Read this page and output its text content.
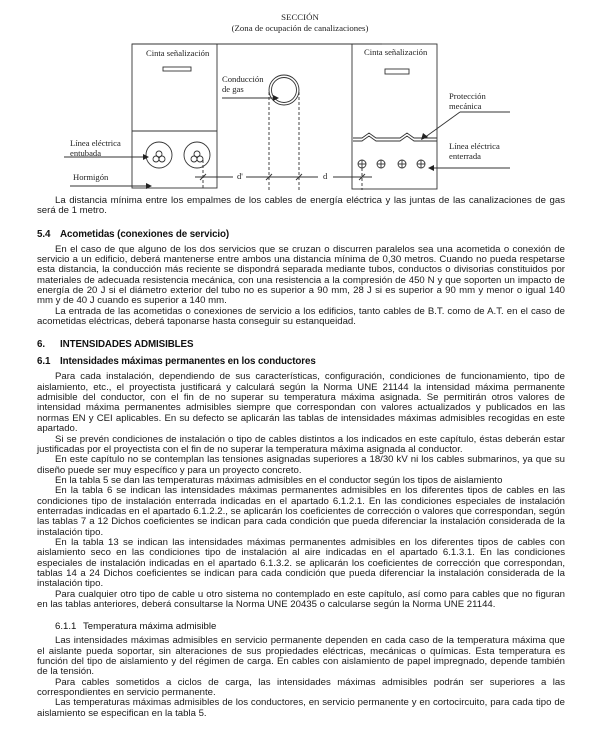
SECCIÓN
(Zona de ocupación de canalizaciones)
Cinta señalización	Cinta señalización
Conducción
de gas
Línea eléctrica
entubada
Hormigón
Protección
mecánica
Línea eléctrica
enterrada
d'	d

La distancia mínima entre los empalmes de los cables de energía eléctrica y las juntas de las canalizaciones de gas será de 1 metro.

5.4 Acometidas (conexiones de servicio)

En el caso de que alguno de los dos servicios que se cruzan o discurren paralelos sea una acometida o conexión de servicio a un edificio, deberá mantenerse entre ambos una distancia mínima de 0,30 metros. Cuando no pueda respetarse esta distancia, la conducción más reciente se dispondrá separada mediante tubos, conductos o divisorias constituidos por materiales de adecuada resistencia mecánica, con una resistencia a la compresión de 450 N y que soporten un impacto de energía de 20 J si el diámetro exterior del tubo no es superior a 90 mm, 28 J si es superior a 90 mm y menor o igual 140 mm y de 40 J cuando es superior a 140 mm.

La entrada de las acometidas o conexiones de servicio a los edificios, tanto cables de B.T. como de A.T. en el caso de acometidas eléctricas, deberá taponarse hasta conseguir su estanqueidad.

6. INTENSIDADES ADMISIBLES
6.1 Intensidades máximas permanentes en los conductores

Para cada instalación, dependiendo de sus características, configuración, condiciones de funcionamiento, tipo de aislamiento, etc., el proyectista justificará y calculará según la Norma UNE 21144 la intensidad máxima permanente admisible del conductor, con el fin de no superar su temperatura máxima asignada. Se permitirán otros valores de intensidad máxima permanentes admisibles siempre que correspondan con valores actualizados y publicados en las normas EN y CEI aplicables. En su defecto se aplicarán las tablas de intensidades máximas admisibles recogidas en este apartado.

Si se prevén condiciones de instalación o tipo de cables distintos a los indicados en este capítulo, éstas deberán estar justificadas por el proyectista con el fin de no superar la temperatura máxima asignada al conductor.

En este capítulo no se contemplan las tensiones asignadas superiores a 18/30 kV ni los cables submarinos, ya que su diseño puede ser muy específico y para un proyecto concreto.

En la tabla 5 se dan las temperaturas máximas admisibles en el conductor según los tipos de aislamiento

En la tabla 6 se indican las intensidades máximas permanentes admisibles en los diferentes tipos de cables en las condiciones tipo de instalación enterrada indicadas en el apartado 6.1.2.1. En las condiciones especiales de instalación enterradas indicadas en el apartado 6.1.2.2., se aplicarán los coeficientes de corrección o valores que correspondan, según las tablas 7 a 12 Dichos coeficientes se indican para cada condición que pueda diferenciar la instalación considerada de la instalación tipo.

En la tabla 13 se indican las intensidades máximas permanentes admisibles en los diferentes tipos de cables con aislamiento seco en las condiciones tipo de instalación al aire indicadas en el apartado 6.1.3.1. En las condiciones especiales de instalación indicadas en el apartado 6.1.3.2. se aplicarán los coeficientes de corrección que correspondan, tablas 14 a 24 Dichos coeficientes se indican para cada condición que pueda diferenciar la instalación considerada de la instalación tipo.

Para cualquier otro tipo de cable u otro sistema no contemplado en este capítulo, así como para cables que no figuran en las tablas anteriores, deberá consultarse la Norma UNE 20435 o calcularse según la Norma UNE 21144.

6.1.1 Temperatura máxima admisible

Las intensidades máximas admisibles en servicio permanente dependen en cada caso de la temperatura máxima que el aislante pueda soportar, sin alteraciones de sus propiedades eléctricas, mecánicas o químicas. Esta temperatura es función del tipo de aislamiento y del régimen de carga. En cables con aislamiento de papel impregnado, depende también de la tensión.

Para cables sometidos a ciclos de carga, las intensidades máximas admisibles podrán ser superiores a las correspondientes en servicio permanente.

Las temperaturas máximas admisibles de los conductores, en servicio permanente y en cortocircuito, para cada tipo de aislamiento se especifican en la tabla 5.
